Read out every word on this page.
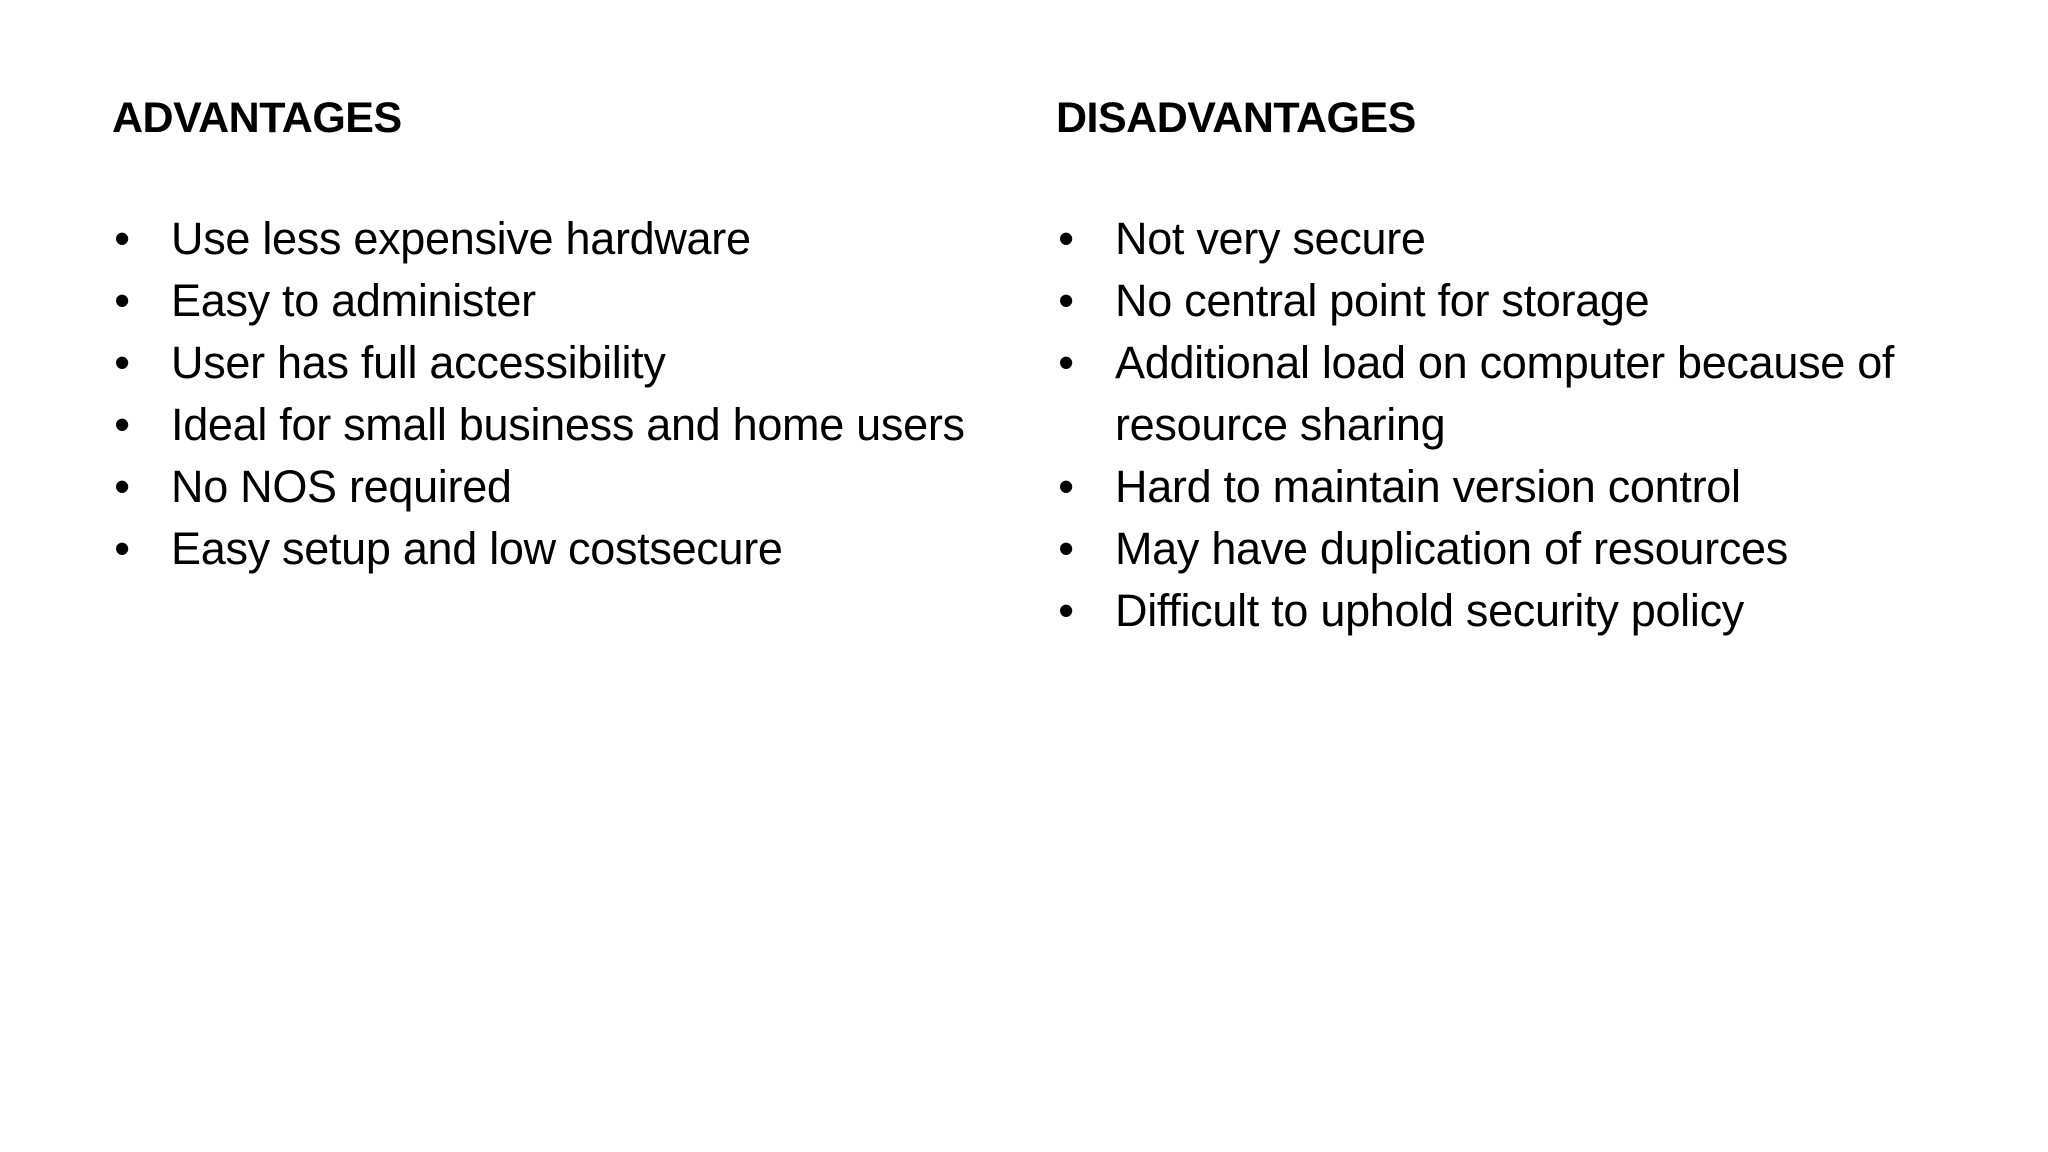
ADVANTAGES
• Use less expensive hardware
• Easy to administer
• User has full accessibility
• Ideal for small business and home users
• No NOS required
• Easy setup and low costsecure
DISADVANTAGES
• Not very secure
• No central point for storage
• Additional load on computer because of resource sharing
• Hard to maintain version control
• May have duplication of resources
• Difficult to uphold security policy
